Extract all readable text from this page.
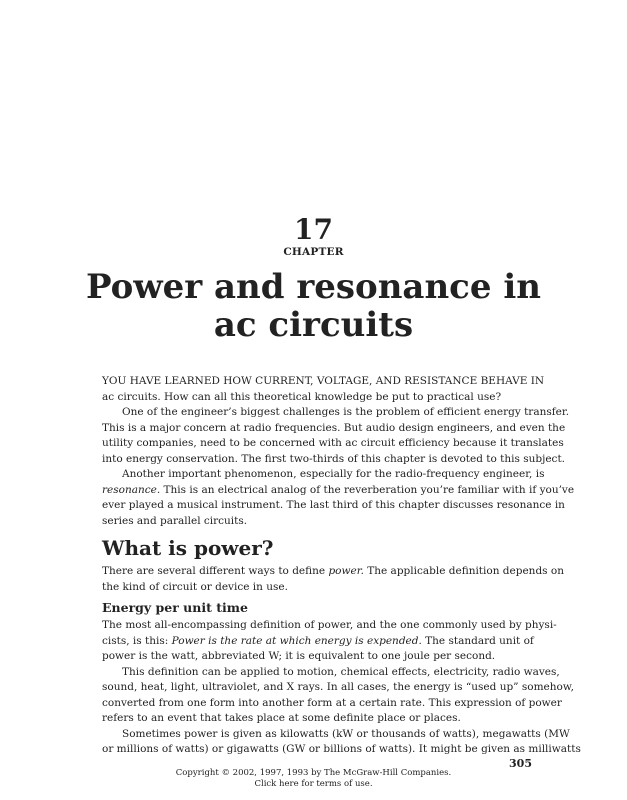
17
CHAPTER
Power and resonance in
ac circuits
YOU HAVE LEARNED HOW CURRENT, VOLTAGE, AND RESISTANCE BEHAVE IN
ac circuits. How can all this theoretical knowledge be put to practical use?
One of the engineer’s biggest challenges is the problem of efficient energy transfer.
This is a major concern at radio frequencies. But audio design engineers, and even the
utility companies, need to be concerned with ac circuit efficiency because it translates
into energy conservation. The first two-thirds of this chapter is devoted to this subject.
Another important phenomenon, especially for the radio-frequency engineer, is
resonance. This is an electrical analog of the reverberation you’re familiar with if you’ve
ever played a musical instrument. The last third of this chapter discusses resonance in
series and parallel circuits.
What is power?
There are several different ways to define power. The applicable definition depends on
the kind of circuit or device in use.
Energy per unit time
The most all-encompassing definition of power, and the one commonly used by physi-
cists, is this: Power is the rate at which energy is expended. The standard unit of
power is the watt, abbreviated W; it is equivalent to one joule per second.
This definition can be applied to motion, chemical effects, electricity, radio waves,
sound, heat, light, ultraviolet, and X rays. In all cases, the energy is “used up” somehow,
converted from one form into another form at a certain rate. This expression of power
refers to an event that takes place at some definite place or places.
Sometimes power is given as kilowatts (kW or thousands of watts), megawatts (MW
or millions of watts) or gigawatts (GW or billions of watts). It might be given as milliwatts
305
Copyright © 2002, 1997, 1993 by The McGraw-Hill Companies.
Click here for terms of use.
